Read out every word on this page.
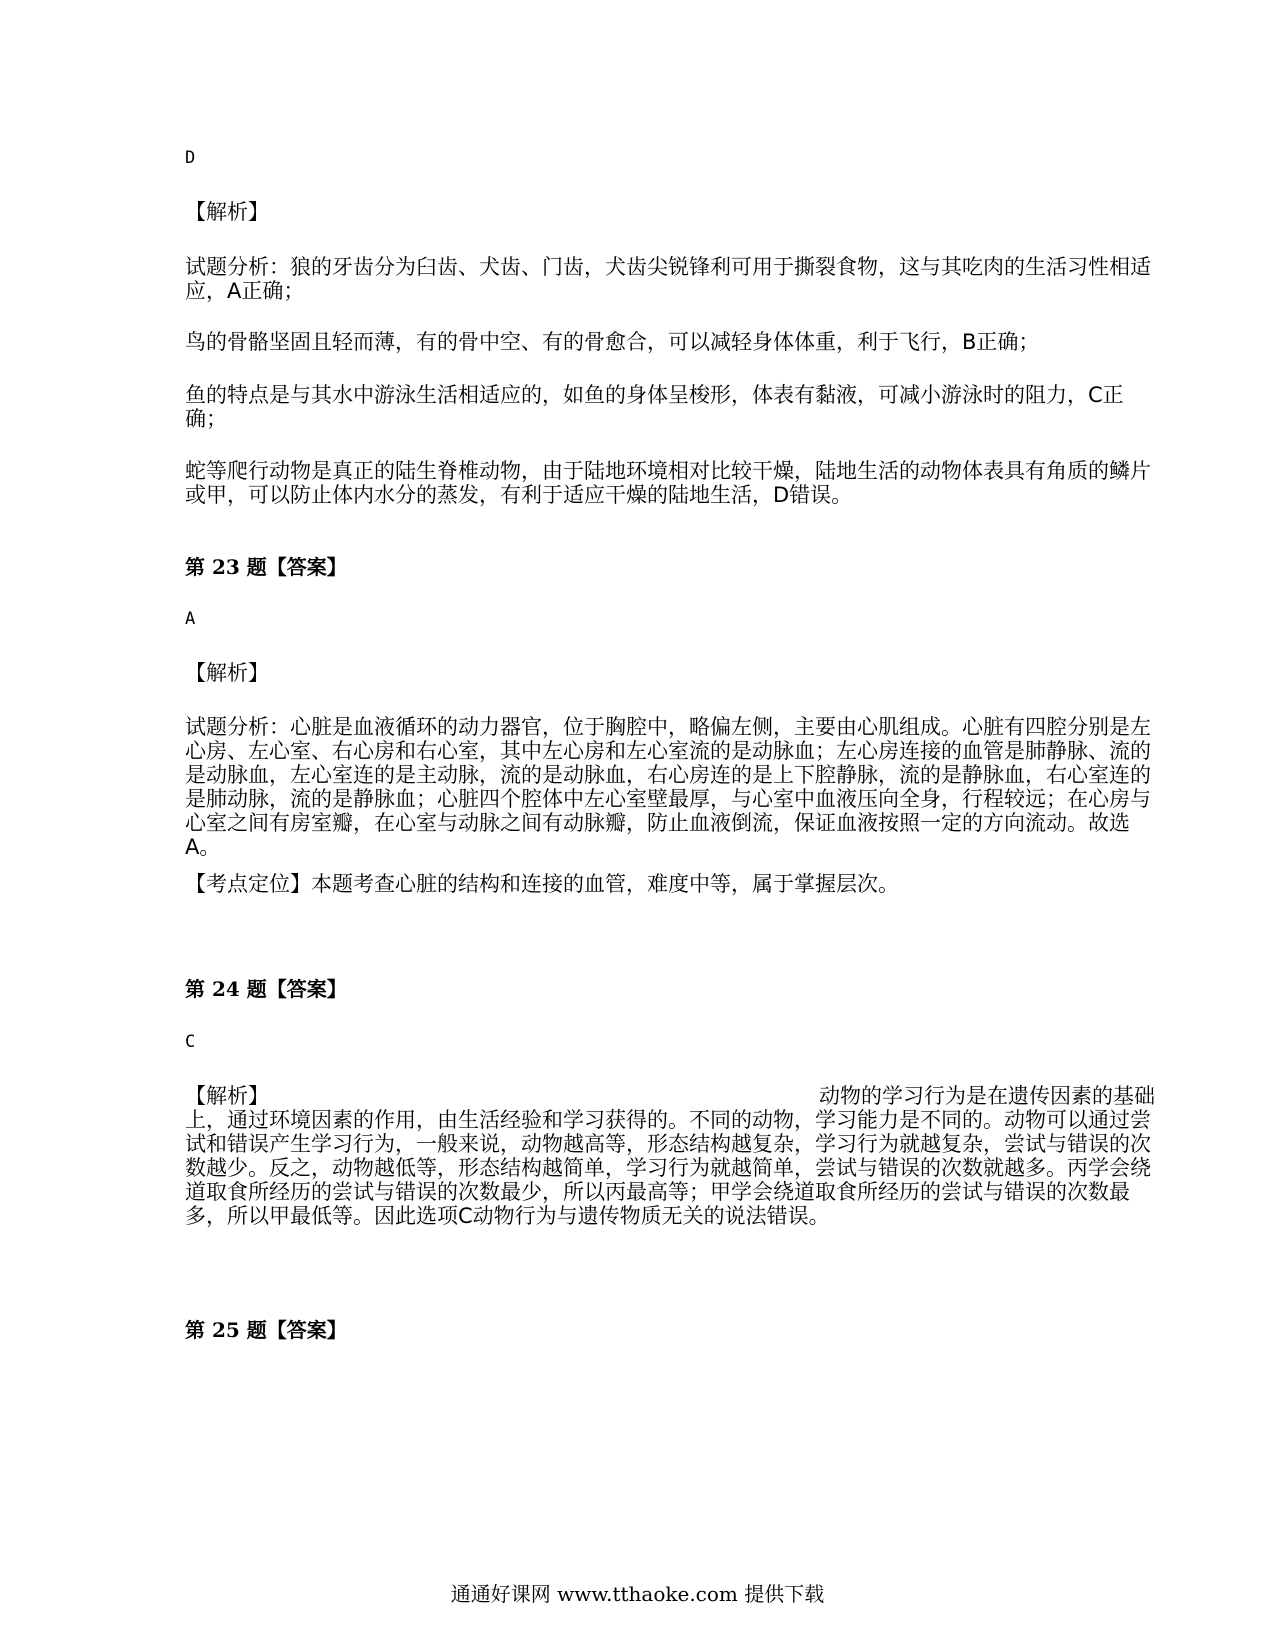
D

【解析】

试题分析：狼的牙齿分为臼齿、犬齿、门齿，犬齿尖锐锋利可用于撕裂食物，这与其吃肉的生活习性相适应，A正确；

鸟的骨骼坚固且轻而薄，有的骨中空、有的骨愈合，可以减轻身体体重，利于飞行，B正确；

鱼的特点是与其水中游泳生活相适应的，如鱼的身体呈梭形，体表有黏液，可减小游泳时的阻力，C正确；

蛇等爬行动物是真正的陆生脊椎动物，由于陆地环境相对比较干燥，陆地生活的动物体表具有角质的鳞片或甲，可以防止体内水分的蒸发，有利于适应干燥的陆地生活，D错误。

第 23 题【答案】

A

【解析】

试题分析：心脏是血液循环的动力器官，位于胸腔中，略偏左侧，主要由心肌组成。心脏有四腔分别是左心房、左心室、右心房和右心室，其中左心房和左心室流的是动脉血；左心房连接的血管是肺静脉、流的是动脉血，左心室连的是主动脉，流的是动脉血，右心房连的是上下腔静脉，流的是静脉血，右心室连的是肺动脉，流的是静脉血；心脏四个腔体中左心室壁最厚，与心室中血液压向全身，行程较远；在心房与心室之间有房室瓣，在心室与动脉之间有动脉瓣，防止血液倒流，保证血液按照一定的方向流动。故选A。

【考点定位】本题考查心脏的结构和连接的血管，难度中等，属于掌握层次。

第 24 题【答案】

C

【解析】	动物的学习行为是在遗传因素的基础上，通过环境因素的作用，由生活经验和学习获得的。不同的动物，学习能力是不同的。动物可以通过尝试和错误产生学习行为，一般来说，动物越高等，形态结构越复杂，学习行为就越复杂，尝试与错误的次数越少。反之，动物越低等，形态结构越简单，学习行为就越简单，尝试与错误的次数就越多。丙学会绕道取食所经历的尝试与错误的次数最少，所以丙最高等；甲学会绕道取食所经历的尝试与错误的次数最多，所以甲最低等。因此选项C动物行为与遗传物质无关的说法错误。

第 25 题【答案】

通通好课网 www.tthaoke.com 提供下载
